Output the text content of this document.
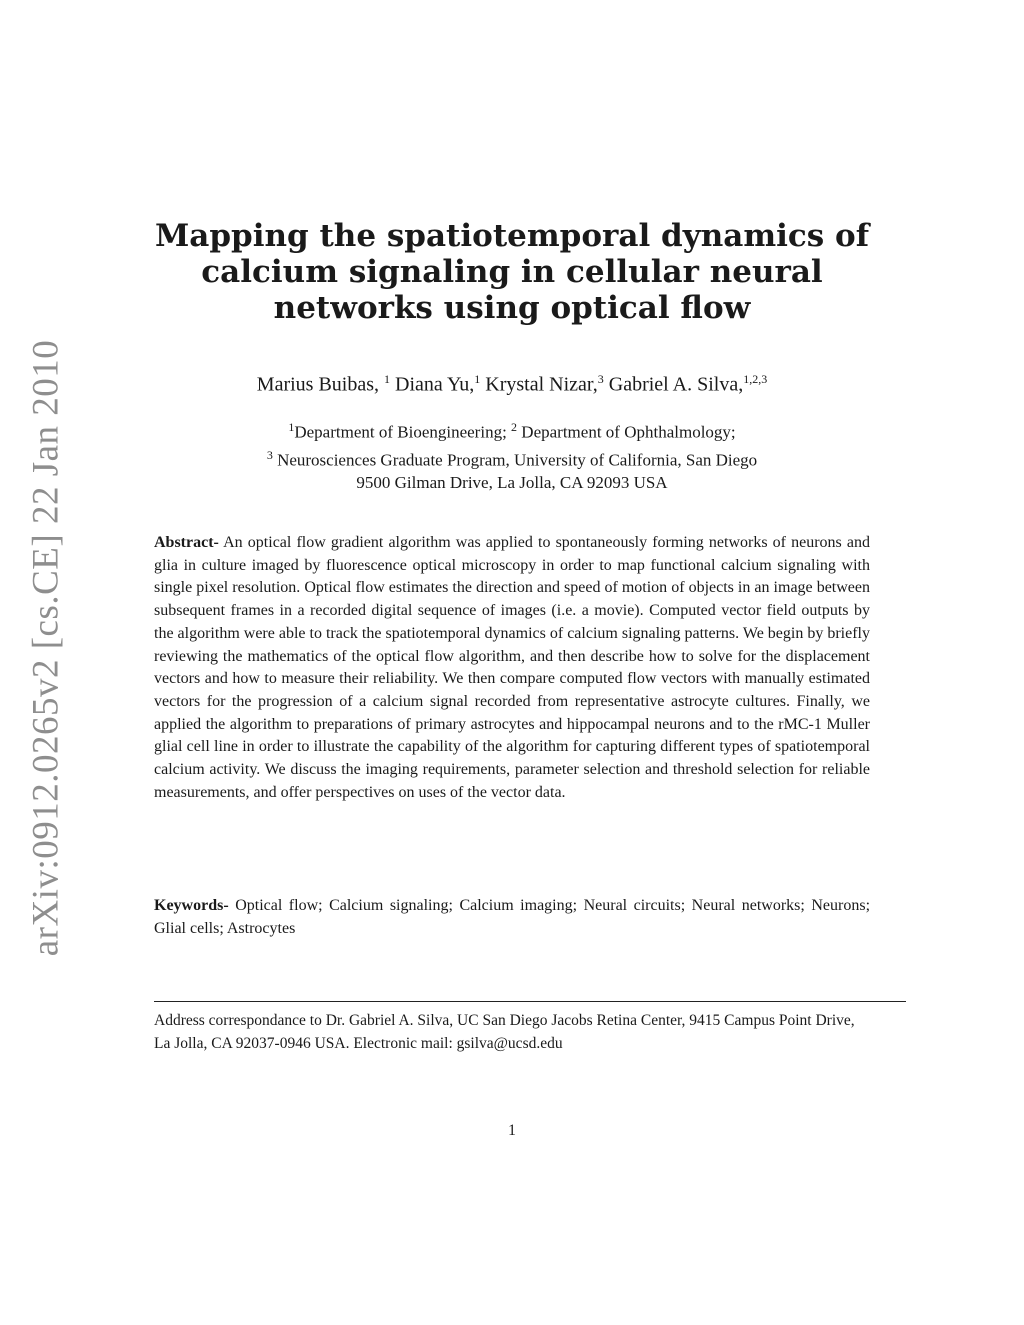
arXiv:0912.0265v2 [cs.CE] 22 Jan 2010
Mapping the spatiotemporal dynamics of calcium signaling in cellular neural networks using optical flow
Marius Buibas, $^1$ Diana Yu,$^1$ Krystal Nizar,$^3$ Gabriel A. Silva,$^{1,2,3}$
$^1$Department of Bioengineering; $^2$ Department of Ophthalmology;
$^3$ Neurosciences Graduate Program, University of California, San Diego
9500 Gilman Drive, La Jolla, CA 92093 USA
Abstract- An optical flow gradient algorithm was applied to spontaneously forming networks of neurons and glia in culture imaged by fluorescence optical microscopy in order to map functional calcium signaling with single pixel resolution. Optical flow estimates the direction and speed of motion of objects in an image between subsequent frames in a recorded digital sequence of images (i.e. a movie). Computed vector field outputs by the algorithm were able to track the spatiotemporal dynamics of calcium signaling patterns. We begin by briefly reviewing the mathematics of the optical flow algorithm, and then describe how to solve for the displacement vectors and how to measure their reliability. We then compare computed flow vectors with manually estimated vectors for the progression of a calcium signal recorded from representative astrocyte cultures. Finally, we applied the algorithm to preparations of primary astrocytes and hippocampal neurons and to the rMC-1 Muller glial cell line in order to illustrate the capability of the algorithm for capturing different types of spatiotemporal calcium activity. We discuss the imaging requirements, parameter selection and threshold selection for reliable measurements, and offer perspectives on uses of the vector data.
Keywords- Optical flow; Calcium signaling; Calcium imaging; Neural circuits; Neural networks; Neurons; Glial cells; Astrocytes
Address correspondance to Dr. Gabriel A. Silva, UC San Diego Jacobs Retina Center, 9415 Campus Point Drive, La Jolla, CA 92037-0946 USA. Electronic mail: gsilva@ucsd.edu
1
